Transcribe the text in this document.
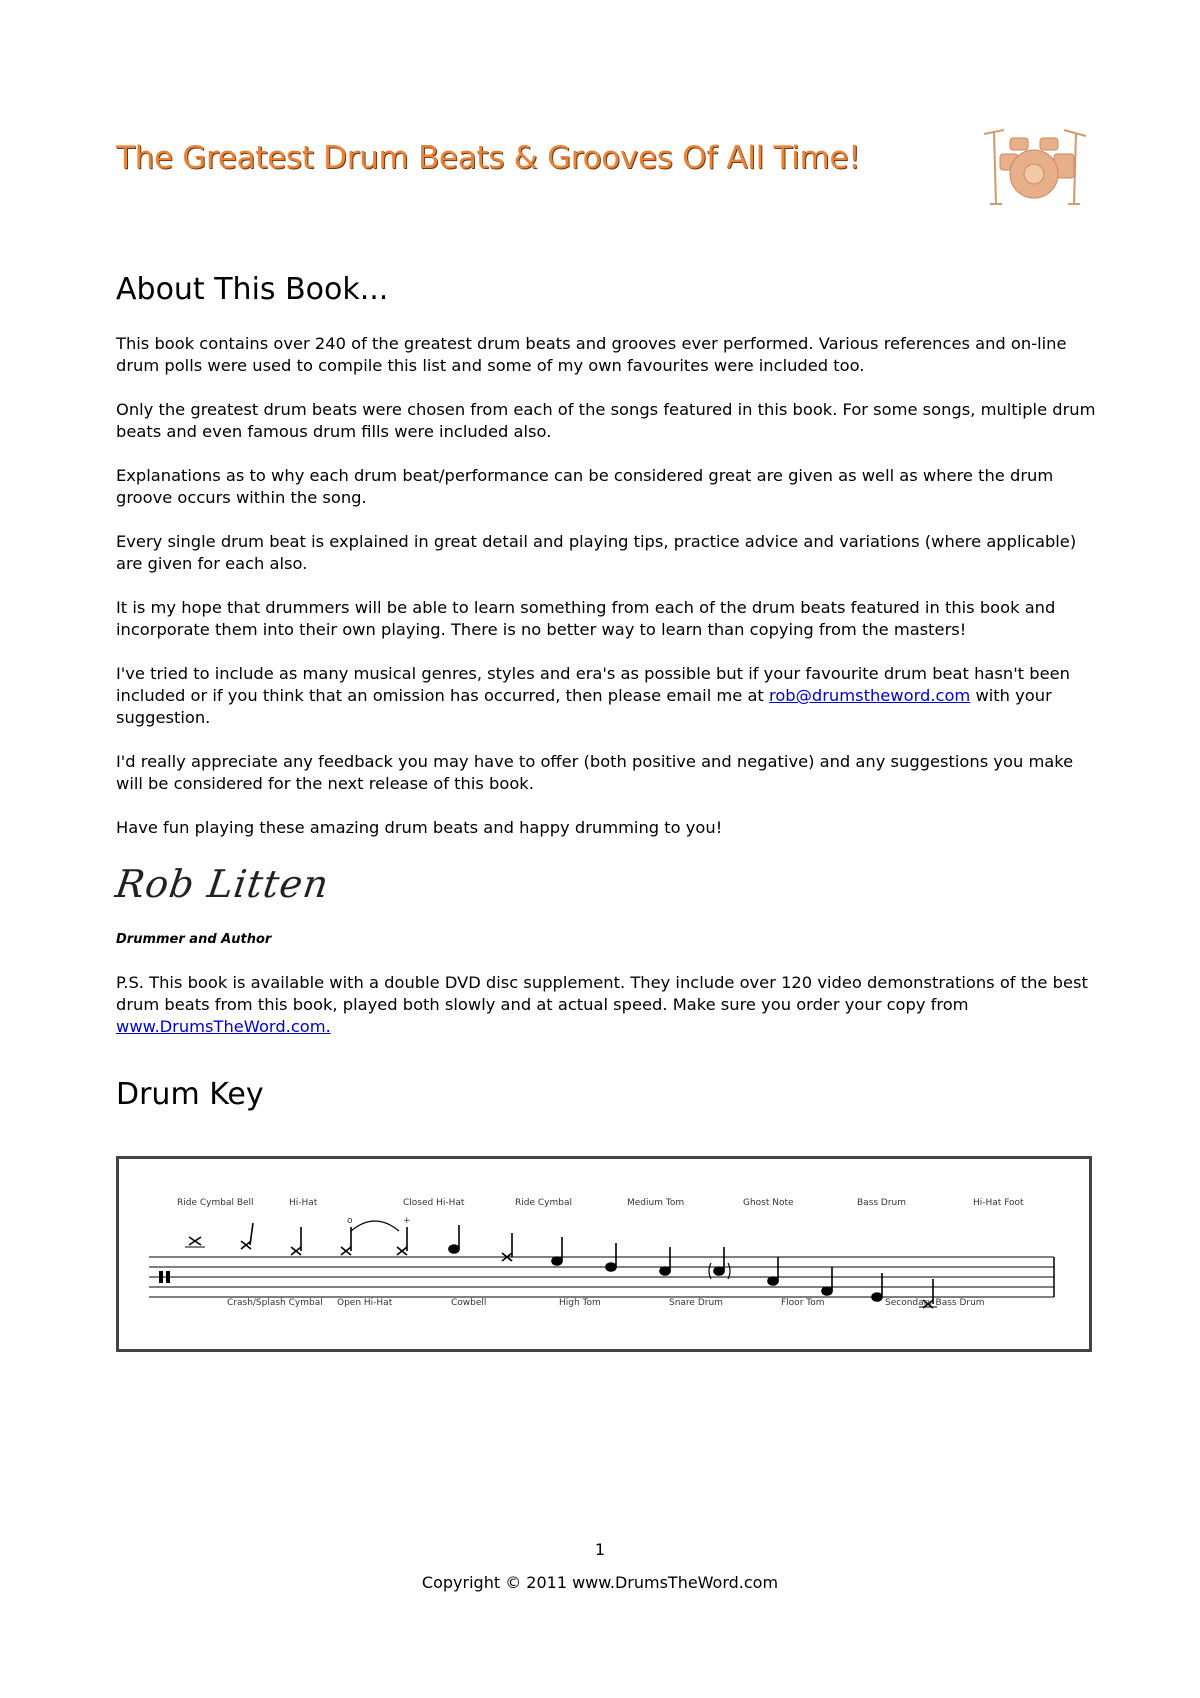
The Greatest Drum Beats & Grooves Of All Time!
About This Book...

This book contains over 240 of the greatest drum beats and grooves ever performed. Various references and on-line drum polls were used to compile this list and some of my own favourites were included too.

Only the greatest drum beats were chosen from each of the songs featured in this book. For some songs, multiple drum beats and even famous drum fills were included also.

Explanations as to why each drum beat/performance can be considered great are given as well as where the drum groove occurs within the song.

Every single drum beat is explained in great detail and playing tips, practice advice and variations (where applicable) are given for each also.

It is my hope that drummers will be able to learn something from each of the drum beats featured in this book and incorporate them into their own playing. There is no better way to learn than copying from the masters!

I've tried to include as many musical genres, styles and era's as possible but if your favourite drum beat hasn't been included or if you think that an omission has occurred, then please email me at rob@drumstheword.com with your suggestion.

I'd really appreciate any feedback you may have to offer (both positive and negative) and any suggestions you make will be considered for the next release of this book.

Have fun playing these amazing drum beats and happy drumming to you!

Rob Litten
Drummer and Author

P.S. This book is available with a double DVD disc supplement. They include over 120 video demonstrations of the best drum beats from this book, played both slowly and at actual speed. Make sure you order your copy from www.DrumsTheWord.com.

Drum Key
o	+
Ride Cymbal Bell	Hi-Hat	Closed Hi-Hat	Ride Cymbal	Medium Tom	Ghost Note	Bass Drum	Hi-Hat Foot
Crash/Splash Cymbal Open Hi-Hat	Cowbell	High Tom	Snare Drum	Floor Tom	Secondary Bass Drum
1
Copyright © 2011 www.DrumsTheWord.com
